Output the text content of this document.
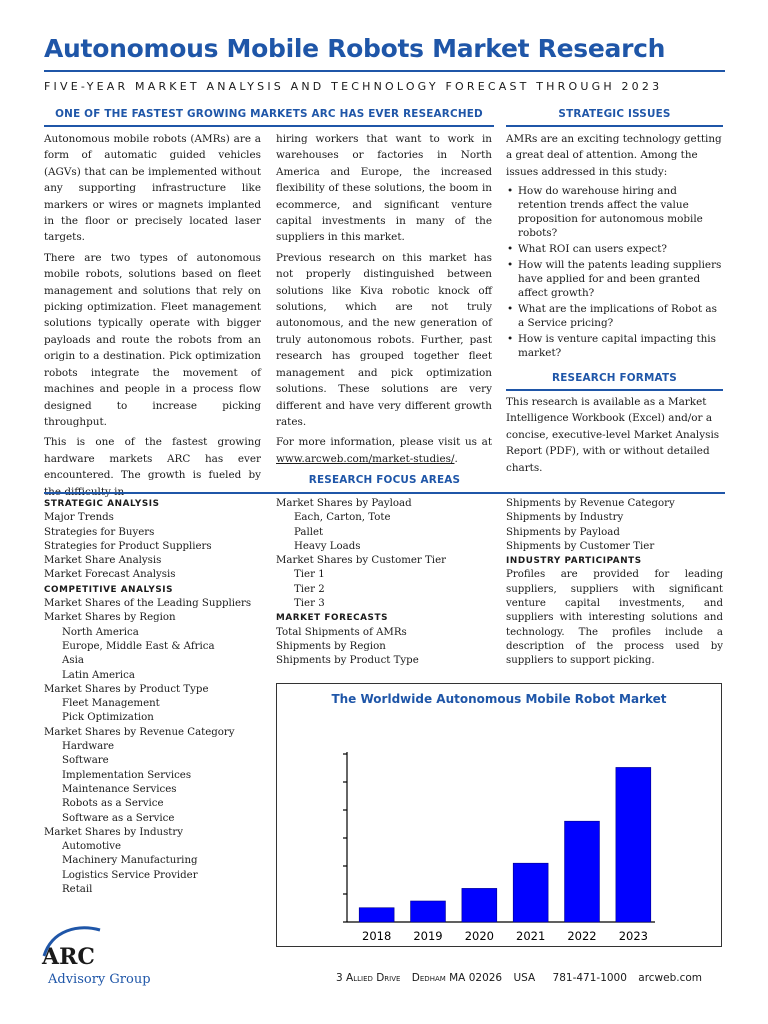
Autonomous Mobile Robots Market Research
FIVE-YEAR MARKET ANALYSIS AND TECHNOLOGY FORECAST THROUGH 2023
ONE OF THE FASTEST GROWING MARKETS ARC HAS EVER RESEARCHED

Autonomous mobile robots (AMRs) are a form of automatic guided vehicles (AGVs) that can be implemented without any supporting infrastructure like markers or wires or magnets implanted in the floor or precisely located laser targets.

There are two types of autonomous mobile robots, solutions based on fleet management and solutions that rely on picking optimization. Fleet management solutions typically operate with bigger payloads and route the robots from an origin to a destination. Pick optimization robots integrate the movement of machines and people in a process flow designed to increase picking throughput.

This is one of the fastest growing hardware markets ARC has ever encountered. The growth is fueled by

hiring workers that want to work in warehouses or factories in North America and Europe, the increased flexibility of these solutions, the boom in ecommerce, and significant venture capital investments in many of the suppliers in this market.

Previous research on this market has not properly distinguished between solutions like Kiva robotic knock off solutions, which are not truly autonomous, and the new generation of truly autonomous robots. Further, past research has grouped together fleet management and pick optimization solutions. These solutions are very different and have very different growth rates.

For more information, please visit us at www.arcweb.com/market-studies/.

STRATEGIC ISSUES

AMRs are an exciting technology getting a great deal of attention. Among the issues addressed in this study:

• How do warehouse hiring and retention trends affect the value proposition for autonomous mobile robots?
• What ROI can users expect?
• How will the patents leading suppliers have applied for and been granted affect growth?
• What are the implications of Robot as a Service pricing?
• How is venture capital impacting this market?
RESEARCH FORMATS

This research is available as a Market Intelligence Workbook (Excel) and/or a concise, executive-level Market Analysis Report (PDF), with or without detailed charts.

RESEARCH FOCUS AREAS
STRATEGIC ANALYSIS
Major Trends
Strategies for Buyers
Strategies for Product Suppliers
Market Share Analysis
Market Forecast Analysis
COMPETITIVE ANALYSIS
Market Shares of the Leading Suppliers
Market Shares by Region
North America
Europe, Middle East & Africa
Asia
Latin America
Market Shares by Product Type
Fleet Management
Pick Optimization
Market Shares by Revenue Category
Hardware
Software
Implementation Services
Maintenance Services
Robots as a Service
Software as a Service
Market Shares by Industry
Automotive
Machinery Manufacturing
Logistics Service Provider
Retail
Market Shares by Payload
Each, Carton, Tote
Pallet
Heavy Loads
Market Shares by Customer Tier
Tier 1
Tier 2
Tier 3
MARKET FORECASTS
Total Shipments of AMRs
Shipments by Region
Shipments by Product Type
Shipments by Revenue Category
Shipments by Industry
Shipments by Payload
Shipments by Customer Tier
INDUSTRY PARTICIPANTS
Profiles are provided for leading suppliers, suppliers with significant venture capital investments, and suppliers with interesting solutions and technology. The profiles include a description of the process used by suppliers to support picking.
The Worldwide Autonomous Mobile Robot Market
2018 2019 2020 2021 2022 2023
ARC
Advisory Group	3 Allied Drive Dedham MA 02026 USA 781-471-1000 arcweb.com
